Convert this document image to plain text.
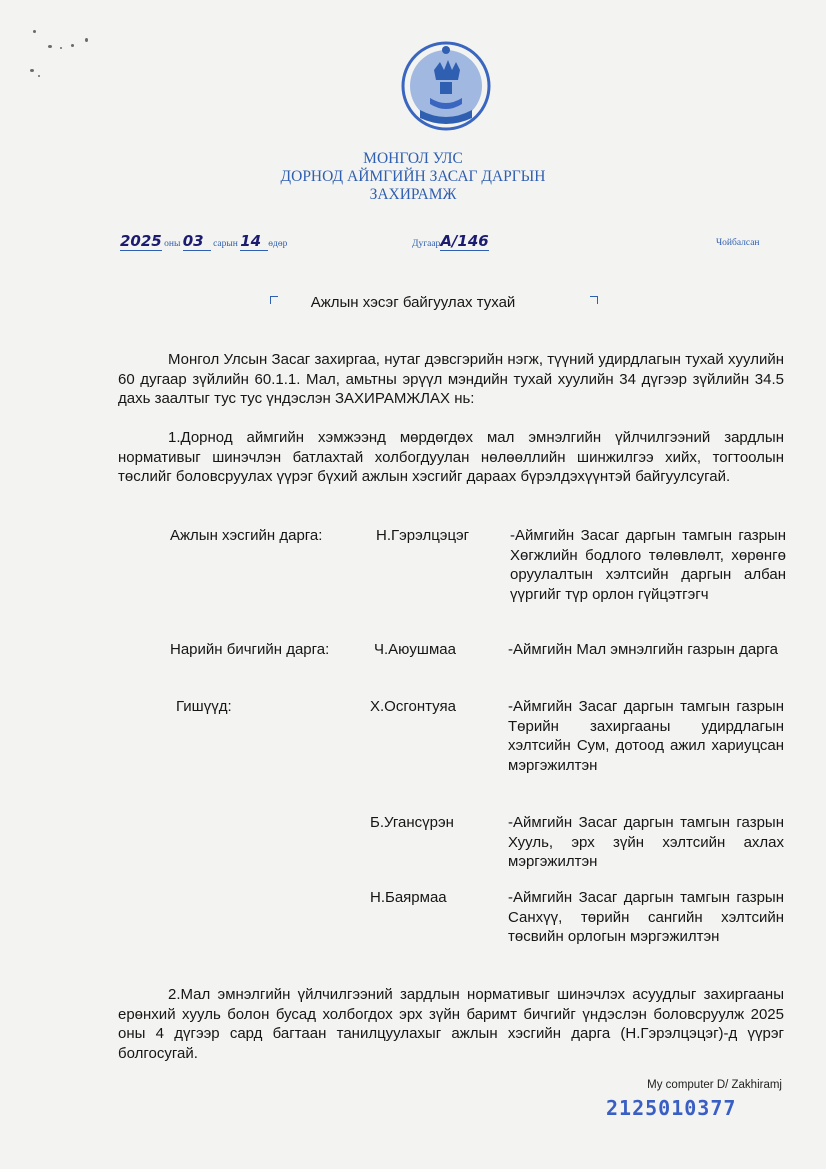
МОНГОЛ УЛС
ДОРНОД АЙМГИЙН ЗАСАГ ДАРГЫН
ЗАХИРАМЖ
2025 оны 03 сарын 14 өдөр	ДугаарА/146	Чойбалсан
Ажлын хэсэг байгуулах тухай
Монгол Улсын Засаг захиргаа, нутаг дэвсгэрийн нэгж, түүний удирдлагын тухай хуулийн 60 дугаар зүйлийн 60.1.1. Мал, амьтны эрүүл мэндийн тухай хуулийн 34 дүгээр зүйлийн 34.5 дахь заалтыг тус тус үндэслэн ЗАХИРАМЖЛАХ нь:
1.Дорнод аймгийн хэмжээнд мөрдөгдөх мал эмнэлгийн үйлчилгээний зардлын нормативыг шинэчлэн батлахтай холбогдуулан нөлөөллийн шинжилгээ хийх, тогтоолын төслийг боловсруулах үүрэг бүхий ажлын хэсгийг дараах бүрэлдэхүүнтэй байгуулсугай.
Ажлын хэсгийн дарга:	Н.Гэрэлцэцэг	-Аймгийн Засаг даргын тамгын газрын Хөгжлийн бодлого төлөвлөлт, хөрөнгө оруулалтын хэлтсийн даргын албан үүргийг түр орлон гүйцэтгэгч
Нарийн бичгийн дарга:	Ч.Аюушмаа	-Аймгийн Мал эмнэлгийн газрын дарга
Гишүүд:	Х.Осгонтуяа	-Аймгийн Засаг даргын тамгын газрын Төрийн захиргааны удирдлагын хэлтсийн Сум, дотоод ажил хариуцсан мэргэжилтэн
Б.Угансүрэн	-Аймгийн Засаг даргын тамгын газрын Хууль, эрх зүйн хэлтсийн ахлах мэргэжилтэн
Н.Баярмаа	-Аймгийн Засаг даргын тамгын газрын Санхүү, төрийн сангийн хэлтсийн төсвийн орлогын мэргэжилтэн
2.Мал эмнэлгийн үйлчилгээний зардлын нормативыг шинэчлэх асуудлыг захиргааны ерөнхий хууль болон бусад холбогдох эрх зүйн баримт бичгийг үндэслэн боловсруулж 2025 оны 4 дүгээр сард багтаан танилцуулахыг ажлын хэсгийн дарга (Н.Гэрэлцэцэг)-д үүрэг болгосугай.
My computer D/ Zakhiramj
2125010377
